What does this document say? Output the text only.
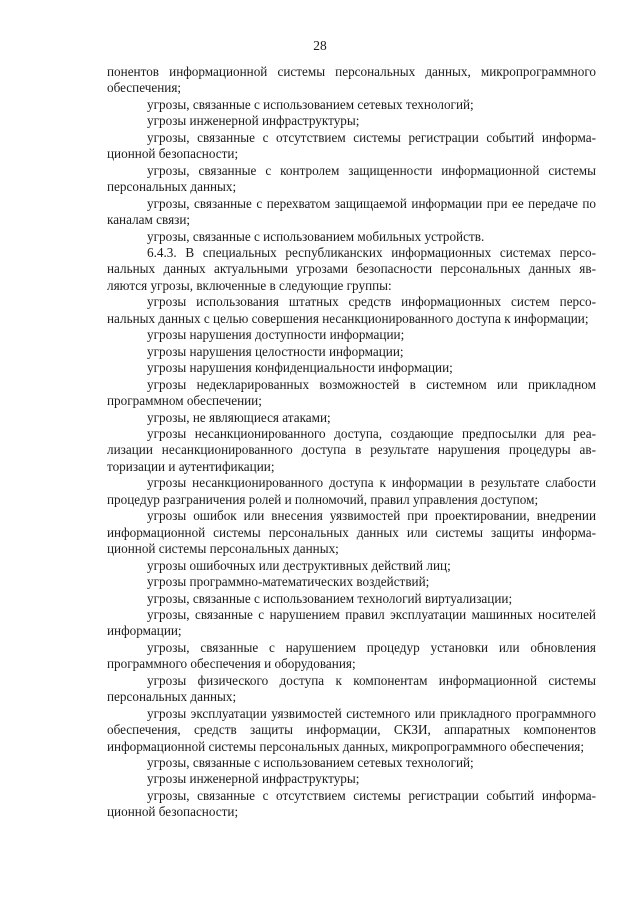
28

понентов информационной системы персональных данных, микропрограммного обеспечения;

угрозы, связанные с использованием сетевых технологий;

угрозы инженерной инфраструктуры;

угрозы, связанные с отсутствием системы регистрации событий информационной безопасности;

угрозы, связанные с контролем защищенности информационной системы персональных данных;

угрозы, связанные с перехватом защищаемой информации при ее передаче по каналам связи;

угрозы, связанные с использованием мобильных устройств.

6.4.3. В специальных республиканских информационных системах персональных данных актуальными угрозами безопасности персональных данных являются угрозы, включенные в следующие группы:

угрозы использования штатных средств информационных систем персональных данных с целью совершения несанкционированного доступа к информации;

угрозы нарушения доступности информации;

угрозы нарушения целостности информации;

угрозы нарушения конфиденциальности информации;

угрозы недекларированных возможностей в системном или прикладном программном обеспечении;

угрозы, не являющиеся атаками;

угрозы несанкционированного доступа, создающие предпосылки для реализации несанкционированного доступа в результате нарушения процедуры авторизации и аутентификации;

угрозы несанкционированного доступа к информации в результате слабости процедур разграничения ролей и полномочий, правил управления доступом;

угрозы ошибок или внесения уязвимостей при проектировании, внедрении информационной системы персональных данных или системы защиты информационной системы персональных данных;

угрозы ошибочных или деструктивных действий лиц;

угрозы программно-математических воздействий;

угрозы, связанные с использованием технологий виртуализации;

угрозы, связанные с нарушением правил эксплуатации машинных носителей информации;

угрозы, связанные с нарушением процедур установки или обновления программного обеспечения и оборудования;

угрозы физического доступа к компонентам информационной системы персональных данных;

угрозы эксплуатации уязвимостей системного или прикладного программного обеспечения, средств защиты информации, СКЗИ, аппаратных компонентов информационной системы персональных данных, микропрограммного обеспечения;

угрозы, связанные с использованием сетевых технологий;

угрозы инженерной инфраструктуры;

угрозы, связанные с отсутствием системы регистрации событий информационной безопасности;
